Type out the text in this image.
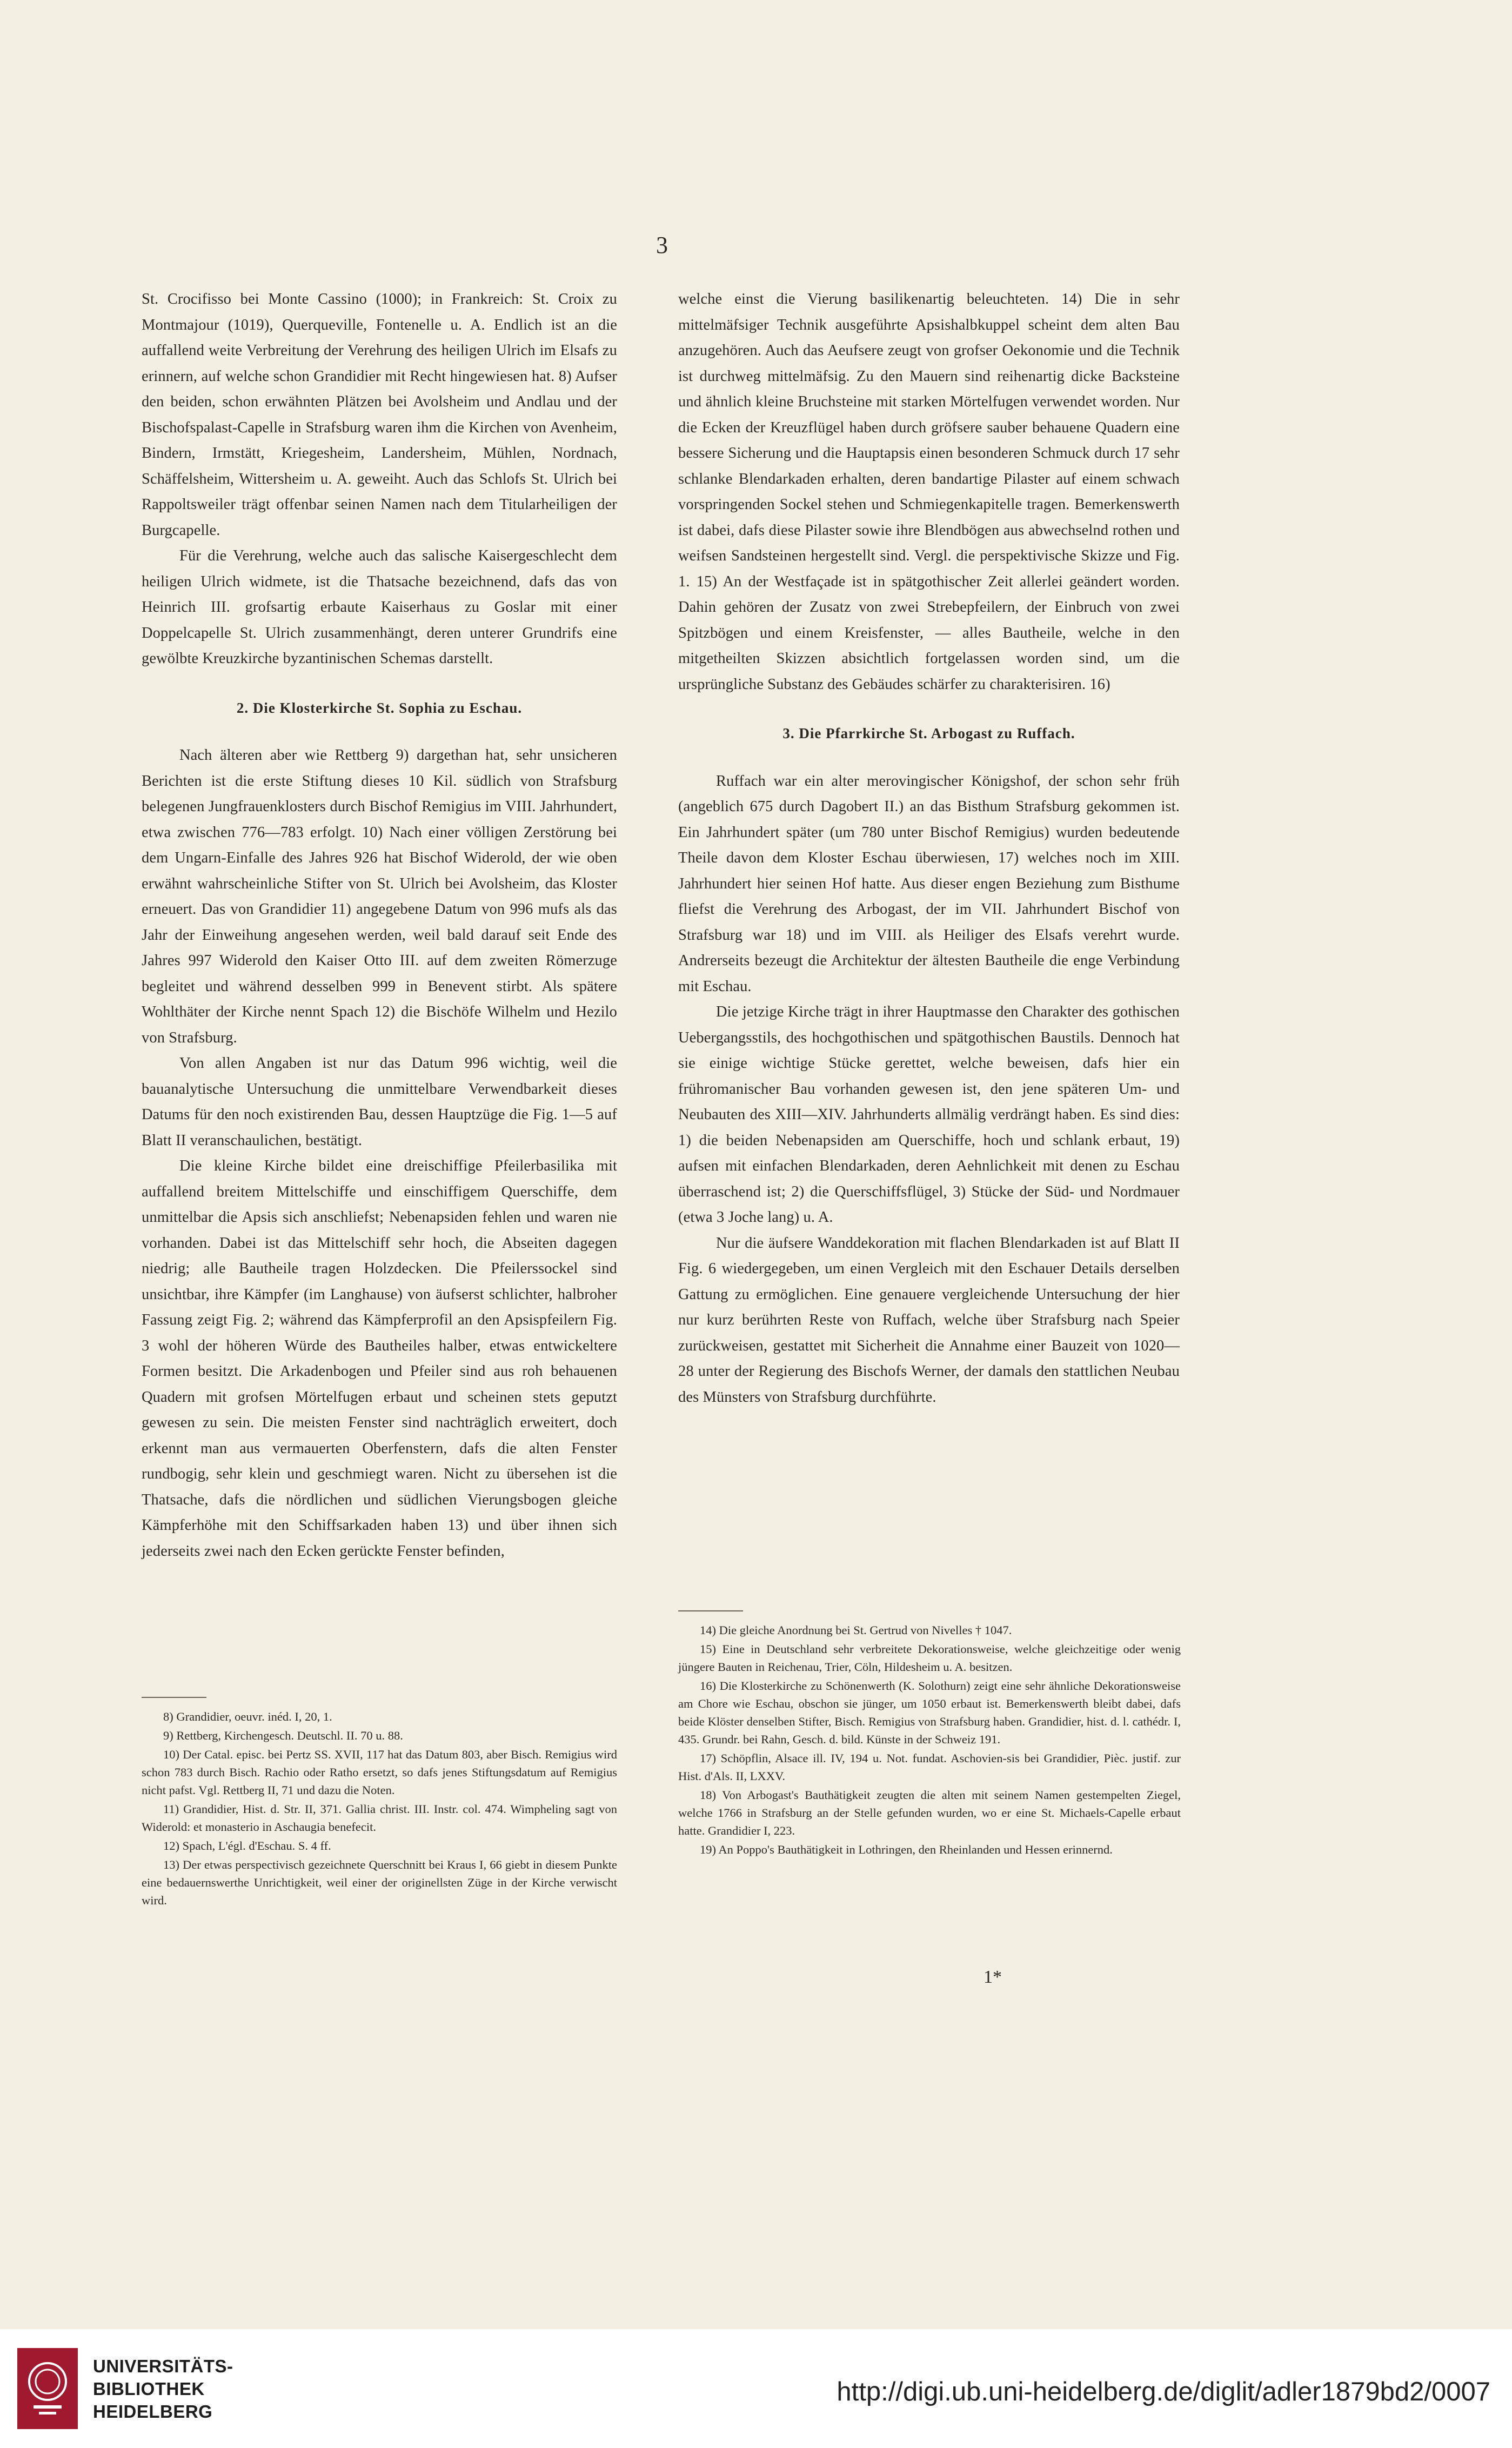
3

St. Crocifisso bei Monte Cassino (1000); in Frankreich: St. Croix zu Montmajour (1019), Querqueville, Fontenelle u. A. Endlich ist an die auffallend weite Verbreitung der Verehrung des heiligen Ulrich im Elsafs zu erinnern, auf welche schon Grandidier mit Recht hingewiesen hat. 8) Aufser den beiden, schon erwähnten Plätzen bei Avolsheim und Andlau und der Bischofspalast-Capelle in Strafsburg waren ihm die Kirchen von Avenheim, Bindern, Irmstätt, Kriegesheim, Landersheim, Mühlen, Nordnach, Schäffelsheim, Wittersheim u. A. geweiht. Auch das Schlofs St. Ulrich bei Rappoltsweiler trägt offenbar seinen Namen nach dem Titularheiligen der Burgcapelle.

Für die Verehrung, welche auch das salische Kaisergeschlecht dem heiligen Ulrich widmete, ist die Thatsache bezeichnend, dafs das von Heinrich III. grofsartig erbaute Kaiserhaus zu Goslar mit einer Doppelcapelle St. Ulrich zusammenhängt, deren unterer Grundrifs eine gewölbte Kreuzkirche byzantinischen Schemas darstellt.

2. Die Klosterkirche St. Sophia zu Eschau.

Nach älteren aber wie Rettberg 9) dargethan hat, sehr unsicheren Berichten ist die erste Stiftung dieses 10 Kil. südlich von Strafsburg belegenen Jungfrauenklosters durch Bischof Remigius im VIII. Jahrhundert, etwa zwischen 776—783 erfolgt. 10) Nach einer völligen Zerstörung bei dem Ungarn-Einfalle des Jahres 926 hat Bischof Widerold, der wie oben erwähnt wahrscheinliche Stifter von St. Ulrich bei Avolsheim, das Kloster erneuert. Das von Grandidier 11) angegebene Datum von 996 mufs als das Jahr der Einweihung angesehen werden, weil bald darauf seit Ende des Jahres 997 Widerold den Kaiser Otto III. auf dem zweiten Römerzuge begleitet und während desselben 999 in Benevent stirbt. Als spätere Wohlthäter der Kirche nennt Spach 12) die Bischöfe Wilhelm und Hezilo von Strafsburg.

Von allen Angaben ist nur das Datum 996 wichtig, weil die bauanalytische Untersuchung die unmittelbare Verwendbarkeit dieses Datums für den noch existirenden Bau, dessen Hauptzüge die Fig. 1—5 auf Blatt II veranschaulichen, bestätigt.

Die kleine Kirche bildet eine dreischiffige Pfeilerbasilika mit auffallend breitem Mittelschiffe und einschiffigem Querschiffe, dem unmittelbar die Apsis sich anschliefst; Nebenapsiden fehlen und waren nie vorhanden. Dabei ist das Mittelschiff sehr hoch, die Abseiten dagegen niedrig; alle Bautheile tragen Holzdecken. Die Pfeilerssockel sind unsichtbar, ihre Kämpfer (im Langhause) von äufserst schlichter, halbroher Fassung zeigt Fig. 2; während das Kämpferprofil an den Apsispfeilern Fig. 3 wohl der höheren Würde des Bautheiles halber, etwas entwickeltere Formen besitzt. Die Arkadenbogen und Pfeiler sind aus roh behauenen Quadern mit grofsen Mörtelfugen erbaut und scheinen stets geputzt gewesen zu sein. Die meisten Fenster sind nachträglich erweitert, doch erkennt man aus vermauerten Oberfenstern, dafs die alten Fenster rundbogig, sehr klein und geschmiegt waren. Nicht zu übersehen ist die Thatsache, dafs die nördlichen und südlichen Vierungsbogen gleiche Kämpferhöhe mit den Schiffsarkaden haben 13) und über ihnen sich jederseits zwei nach den Ecken gerückte Fenster befinden,

8) Grandidier, oeuvr. inéd. I, 20, 1.

9) Rettberg, Kirchengesch. Deutschl. II. 70 u. 88.

10) Der Catal. episc. bei Pertz SS. XVII, 117 hat das Datum 803, aber Bisch. Remigius wird schon 783 durch Bisch. Rachio oder Ratho ersetzt, so dafs jenes Stiftungsdatum auf Remigius nicht pafst. Vgl. Rettberg II, 71 und dazu die Noten.

11) Grandidier, Hist. d. Str. II, 371. Gallia christ. III. Instr. col. 474. Wimpheling sagt von Widerold: et monasterio in Aschaugia benefecit.

12) Spach, L'égl. d'Eschau. S. 4 ff.

13) Der etwas perspectivisch gezeichnete Querschnitt bei Kraus I, 66 giebt in diesem Punkte eine bedauernswerthe Unrichtigkeit, weil einer der originellsten Züge in der Kirche verwischt wird.

welche einst die Vierung basilikenartig beleuchteten. 14) Die in sehr mittelmäfsiger Technik ausgeführte Apsishalbkuppel scheint dem alten Bau anzugehören. Auch das Aeufsere zeugt von grofser Oekonomie und die Technik ist durchweg mittelmäfsig. Zu den Mauern sind reihenartig dicke Backsteine und ähnlich kleine Bruchsteine mit starken Mörtelfugen verwendet worden. Nur die Ecken der Kreuzflügel haben durch gröfsere sauber behauene Quadern eine bessere Sicherung und die Hauptapsis einen besonderen Schmuck durch 17 sehr schlanke Blendarkaden erhalten, deren bandartige Pilaster auf einem schwach vorspringenden Sockel stehen und Schmiegenkapitelle tragen. Bemerkenswerth ist dabei, dafs diese Pilaster sowie ihre Blendbögen aus abwechselnd rothen und weifsen Sandsteinen hergestellt sind. Vergl. die perspektivische Skizze und Fig. 1. 15) An der Westfaçade ist in spätgothischer Zeit allerlei geändert worden. Dahin gehören der Zusatz von zwei Strebepfeilern, der Einbruch von zwei Spitzbögen und einem Kreisfenster, — alles Bautheile, welche in den mitgetheilten Skizzen absichtlich fortgelassen worden sind, um die ursprüngliche Substanz des Gebäudes schärfer zu charakterisiren. 16)

3. Die Pfarrkirche St. Arbogast zu Ruffach.

Ruffach war ein alter merovingischer Königshof, der schon sehr früh (angeblich 675 durch Dagobert II.) an das Bisthum Strafsburg gekommen ist. Ein Jahrhundert später (um 780 unter Bischof Remigius) wurden bedeutende Theile davon dem Kloster Eschau überwiesen, 17) welches noch im XIII. Jahrhundert hier seinen Hof hatte. Aus dieser engen Beziehung zum Bisthume fliefst die Verehrung des Arbogast, der im VII. Jahrhundert Bischof von Strafsburg war 18) und im VIII. als Heiliger des Elsafs verehrt wurde. Andrerseits bezeugt die Architektur der ältesten Bautheile die enge Verbindung mit Eschau.

Die jetzige Kirche trägt in ihrer Hauptmasse den Charakter des gothischen Uebergangsstils, des hochgothischen und spätgothischen Baustils. Dennoch hat sie einige wichtige Stücke gerettet, welche beweisen, dafs hier ein frühromanischer Bau vorhanden gewesen ist, den jene späteren Um- und Neubauten des XIII—XIV. Jahrhunderts allmälig verdrängt haben. Es sind dies: 1) die beiden Nebenapsiden am Querschiffe, hoch und schlank erbaut, 19) aufsen mit einfachen Blendarkaden, deren Aehnlichkeit mit denen zu Eschau überraschend ist; 2) die Querschiffsflügel, 3) Stücke der Süd- und Nordmauer (etwa 3 Joche lang) u. A.

Nur die äufsere Wanddekoration mit flachen Blendarkaden ist auf Blatt II Fig. 6 wiedergegeben, um einen Vergleich mit den Eschauer Details derselben Gattung zu ermöglichen. Eine genauere vergleichende Untersuchung der hier nur kurz berührten Reste von Ruffach, welche über Strafsburg nach Speier zurückweisen, gestattet mit Sicherheit die Annahme einer Bauzeit von 1020—28 unter der Regierung des Bischofs Werner, der damals den stattlichen Neubau des Münsters von Strafsburg durchführte.

14) Die gleiche Anordnung bei St. Gertrud von Nivelles † 1047.

15) Eine in Deutschland sehr verbreitete Dekorationsweise, welche gleichzeitige oder wenig jüngere Bauten in Reichenau, Trier, Cöln, Hildesheim u. A. besitzen.

16) Die Klosterkirche zu Schönenwerth (K. Solothurn) zeigt eine sehr ähnliche Dekorationsweise am Chore wie Eschau, obschon sie jünger, um 1050 erbaut ist. Bemerkenswerth bleibt dabei, dafs beide Klöster denselben Stifter, Bisch. Remigius von Strafsburg haben. Grandidier, hist. d. l. cathédr. I, 435. Grundr. bei Rahn, Gesch. d. bild. Künste in der Schweiz 191.

17) Schöpflin, Alsace ill. IV, 194 u. Not. fundat. Aschovien-sis bei Grandidier, Pièc. justif. zur Hist. d'Als. II, LXXV.

18) Von Arbogast's Bauthätigkeit zeugten die alten mit seinem Namen gestempelten Ziegel, welche 1766 in Strafsburg an der Stelle gefunden wurden, wo er eine St. Michaels-Capelle erbaut hatte. Grandidier I, 223.

19) An Poppo's Bauthätigkeit in Lothringen, den Rheinlanden und Hessen erinnernd.

1*
UNIVERSITÄTS-
BIBLIOTHEK
HEIDELBERG
http://digi.ub.uni-heidelberg.de/diglit/adler1879bd2/0007
